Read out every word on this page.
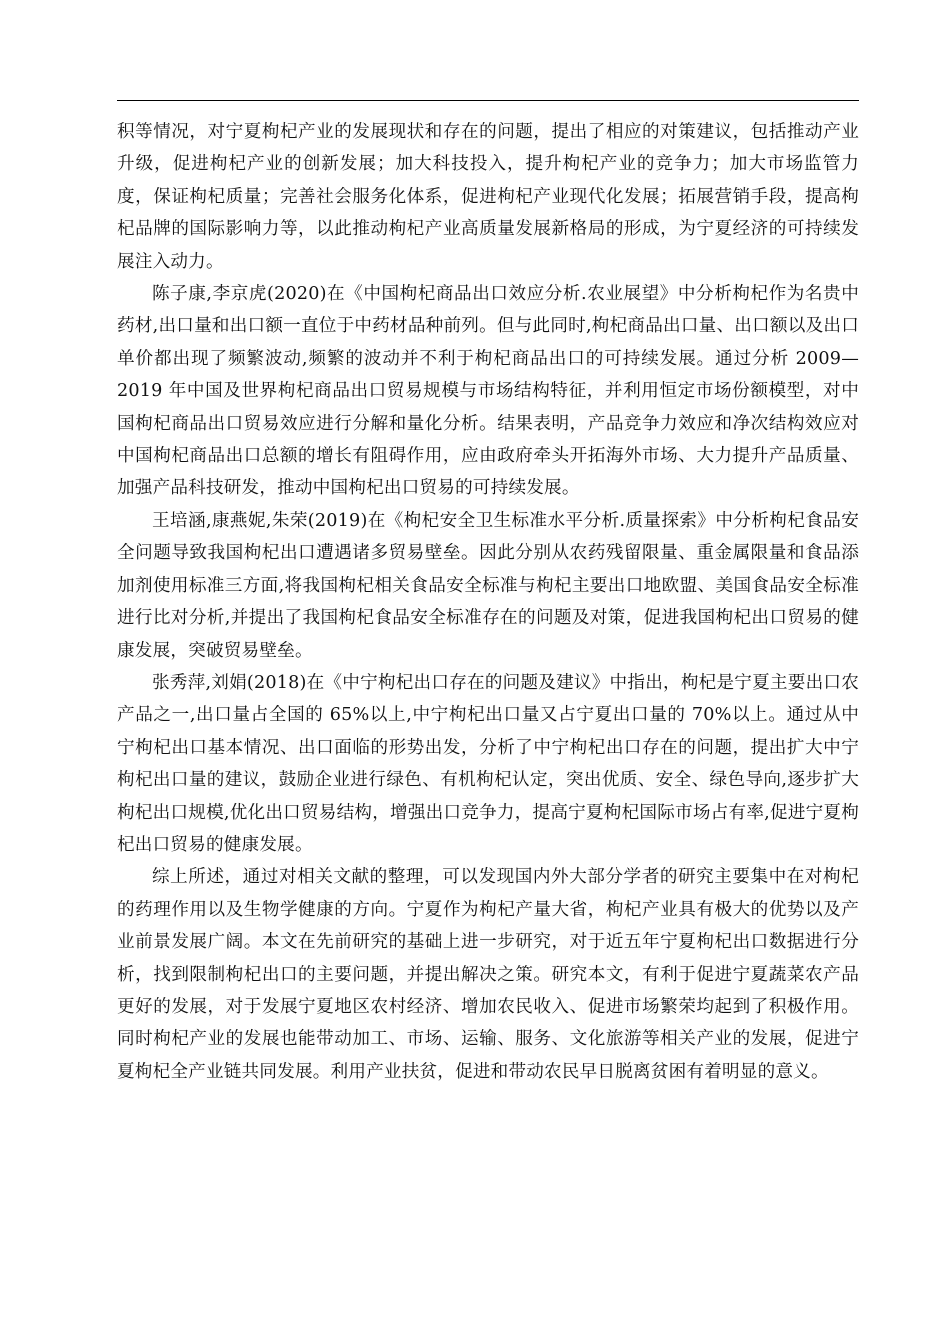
积等情况，对宁夏枸杞产业的发展现状和存在的问题，提出了相应的对策建议，包括推动产业升级，促进枸杞产业的创新发展；加大科技投入，提升枸杞产业的竞争力；加大市场监管力度，保证枸杞质量；完善社会服务化体系，促进枸杞产业现代化发展；拓展营销手段，提高枸杞品牌的国际影响力等，以此推动枸杞产业高质量发展新格局的形成，为宁夏经济的可持续发展注入动力。

陈子康,李京虎(2020)在《中国枸杞商品出口效应分析.农业展望》中分析枸杞作为名贵中药材,出口量和出口额一直位于中药材品种前列。但与此同时,枸杞商品出口量、出口额以及出口单价都出现了频繁波动,频繁的波动并不利于枸杞商品出口的可持续发展。通过分析 2009—2019 年中国及世界枸杞商品出口贸易规模与市场结构特征，并利用恒定市场份额模型，对中国枸杞商品出口贸易效应进行分解和量化分析。结果表明，产品竞争力效应和净次结构效应对中国枸杞商品出口总额的增长有阻碍作用，应由政府牵头开拓海外市场、大力提升产品质量、加强产品科技研发，推动中国枸杞出口贸易的可持续发展。

王培涵,康燕妮,朱荣(2019)在《枸杞安全卫生标准水平分析.质量探索》中分析枸杞食品安全问题导致我国枸杞出口遭遇诸多贸易壁垒。因此分别从农药残留限量、重金属限量和食品添加剂使用标准三方面,将我国枸杞相关食品安全标准与枸杞主要出口地欧盟、美国食品安全标准进行比对分析,并提出了我国枸杞食品安全标准存在的问题及对策，促进我国枸杞出口贸易的健康发展，突破贸易壁垒。

张秀萍,刘娟(2018)在《中宁枸杞出口存在的问题及建议》中指出，枸杞是宁夏主要出口农产品之一,出口量占全国的 65%以上,中宁枸杞出口量又占宁夏出口量的 70%以上。通过从中宁枸杞出口基本情况、出口面临的形势出发，分析了中宁枸杞出口存在的问题，提出扩大中宁枸杞出口量的建议，鼓励企业进行绿色、有机枸杞认定，突出优质、安全、绿色导向,逐步扩大枸杞出口规模,优化出口贸易结构，增强出口竞争力，提高宁夏枸杞国际市场占有率,促进宁夏枸杞出口贸易的健康发展。

综上所述，通过对相关文献的整理，可以发现国内外大部分学者的研究主要集中在对枸杞的药理作用以及生物学健康的方向。宁夏作为枸杞产量大省，枸杞产业具有极大的优势以及产业前景发展广阔。本文在先前研究的基础上进一步研究，对于近五年宁夏枸杞出口数据进行分析，找到限制枸杞出口的主要问题，并提出解决之策。研究本文，有利于促进宁夏蔬菜农产品更好的发展，对于发展宁夏地区农村经济、增加农民收入、促进市场繁荣均起到了积极作用。同时枸杞产业的发展也能带动加工、市场、运输、服务、文化旅游等相关产业的发展，促进宁夏枸杞全产业链共同发展。利用产业扶贫，促进和带动农民早日脱离贫困有着明显的意义。
